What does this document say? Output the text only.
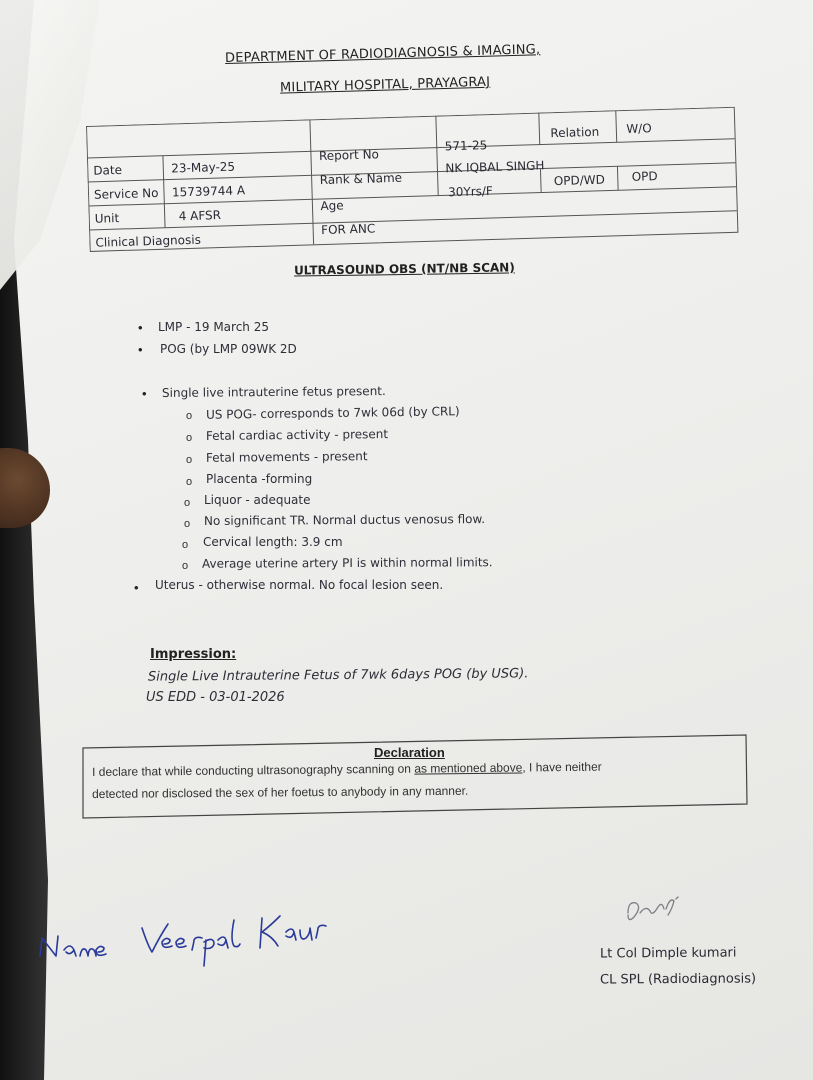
DEPARTMENT OF RADIODIAGNOSIS & IMAGING,
MILITARY HOSPITAL, PRAYAGRAJ
Date	23-May-25
Service No 15739744 A
Unit	4 AFSR
Clinical Diagnosis
Report No
Rank & Name
Age
FOR ANC
571-25
NK IQBAL SINGH
30Yrs/F
Relation W/O
OPD/WD OPD
ULTRASOUND OBS (NT/NB SCAN)
• LMP - 19 March 25
• POG (by LMP 09WK 2D
• Single live intrauterine fetus present.
o US POG- corresponds to 7wk 06d (by CRL)
o Fetal cardiac activity - present
o Fetal movements - present
o Placenta -forming
o Liquor - adequate
o No significant TR. Normal ductus venosus flow.
o Cervical length: 3.9 cm
o Average uterine artery PI is within normal limits.
• Uterus - otherwise normal. No focal lesion seen.
Impression:
Single Live Intrauterine Fetus of 7wk 6days POG (by USG).
US EDD - 03-01-2026
Declaration
I declare that while conducting ultrasonography scanning on as mentioned above, I have neither
detected nor disclosed the sex of her foetus to anybody in any manner.
Lt Col Dimple kumari
CL SPL (Radiodiagnosis)
